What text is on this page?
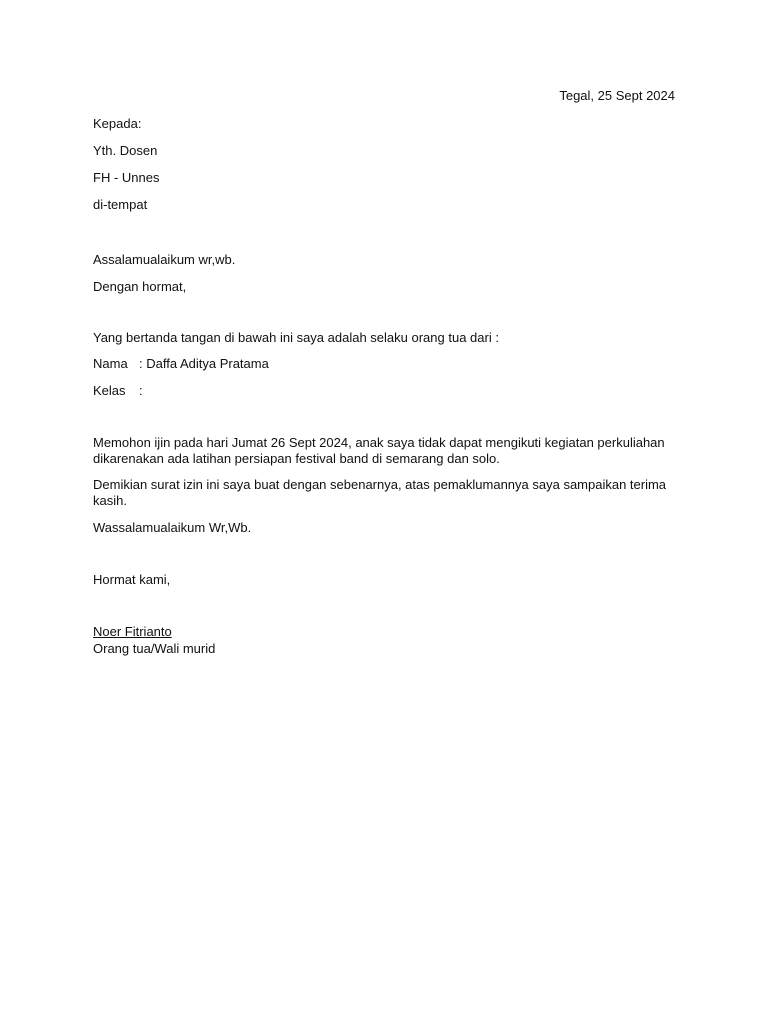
Tegal, 25 Sept 2024
Kepada:
Yth. Dosen
FH - Unnes
di-tempat
Assalamualaikum wr,wb.
Dengan hormat,
Yang bertanda tangan di bawah ini saya adalah selaku orang tua dari :
Nama : Daffa Aditya Pratama
Kelas :
Memohon ijin pada hari Jumat 26 Sept 2024, anak saya tidak dapat mengikuti kegiatan perkuliahan dikarenakan ada latihan persiapan festival band di semarang dan solo.
Demikian surat izin ini saya buat dengan sebenarnya, atas pemaklumannya saya sampaikan terima kasih.
Wassalamualaikum Wr,Wb.
Hormat kami,
Noer Fitrianto
Orang tua/Wali murid
